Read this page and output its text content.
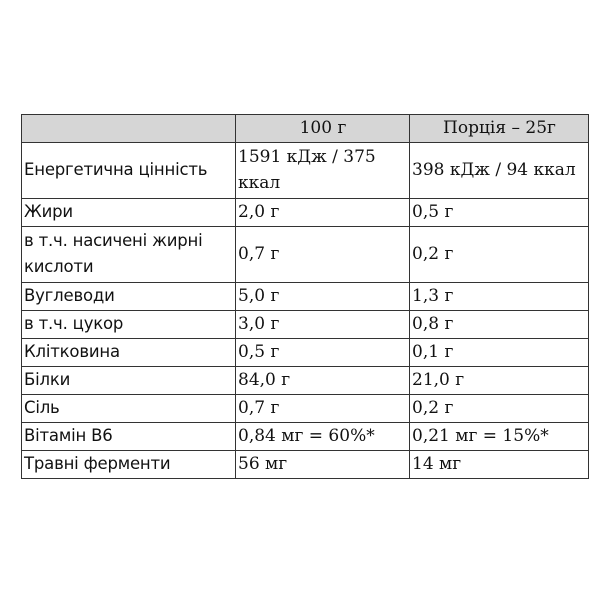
	100 г	Порція – 25г
Енергетична цінність	1591 кДж / 375 ккал	398 кДж / 94 ккал
Жири	2,0 г	0,5 г
в т.ч. насичені жирні кислоти	0,7 г	0,2 г
Вуглеводи	5,0 г	1,3 г
в т.ч. цукор	3,0 г	0,8 г
Клітковина	0,5 г	0,1 г
Білки	84,0 г	21,0 г
Сіль	0,7 г	0,2 г
Вітамін В6	0,84 мг = 60%*	0,21 мг = 15%*
Травні ферменти	56 мг	14 мг
